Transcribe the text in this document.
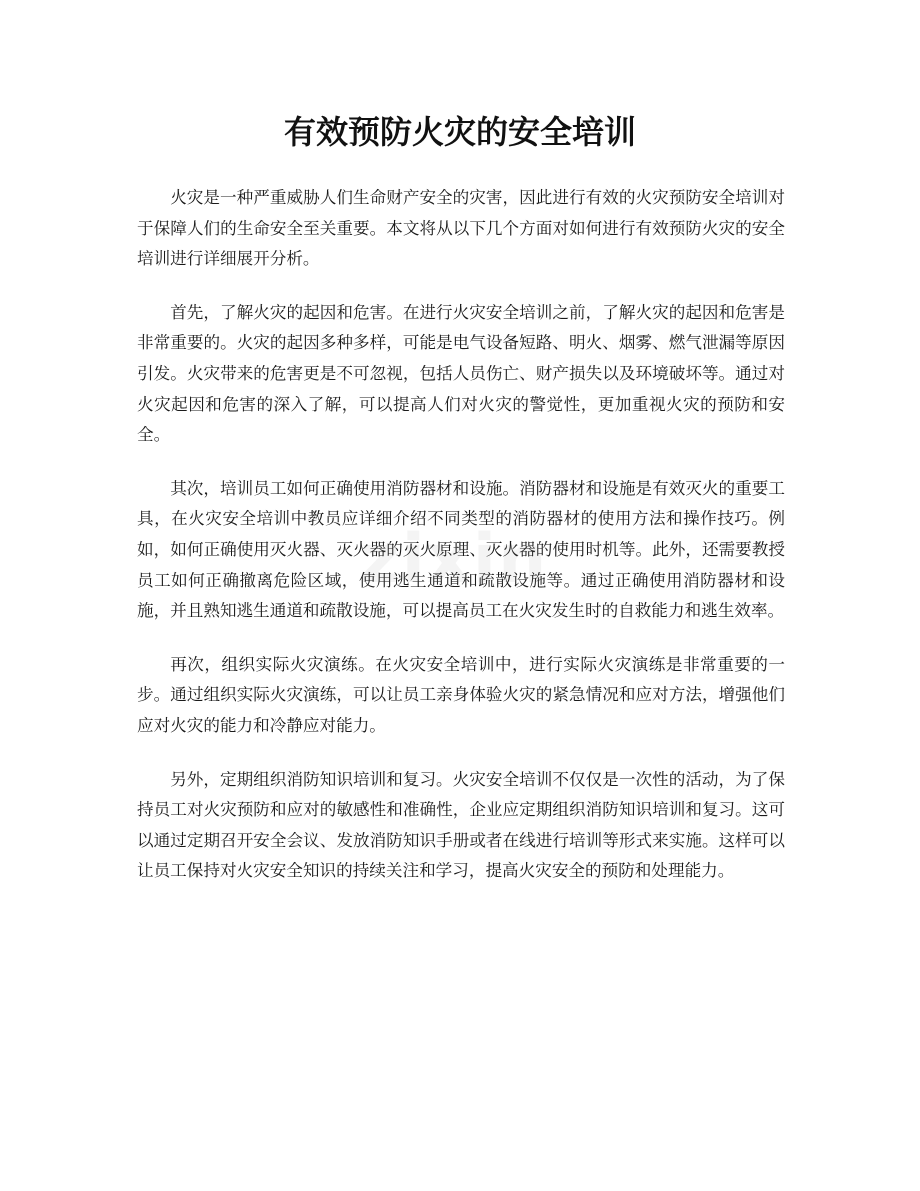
有效预防火灾的安全培训

火灾是一种严重威胁人们生命财产安全的灾害，因此进行有效的火灾预防安全培训对于保障人们的生命安全至关重要。本文将从以下几个方面对如何进行有效预防火灾的安全培训进行详细展开分析。

首先，了解火灾的起因和危害。在进行火灾安全培训之前，了解火灾的起因和危害是非常重要的。火灾的起因多种多样，可能是电气设备短路、明火、烟雾、燃气泄漏等原因引发。火灾带来的危害更是不可忽视，包括人员伤亡、财产损失以及环境破坏等。通过对火灾起因和危害的深入了解，可以提高人们对火灾的警觉性，更加重视火灾的预防和安全。

其次，培训员工如何正确使用消防器材和设施。消防器材和设施是有效灭火的重要工具，在火灾安全培训中教员应详细介绍不同类型的消防器材的使用方法和操作技巧。例如，如何正确使用灭火器、灭火器的灭火原理、灭火器的使用时机等。此外，还需要教授员工如何正确撤离危险区域，使用逃生通道和疏散设施等。通过正确使用消防器材和设施，并且熟知逃生通道和疏散设施，可以提高员工在火灾发生时的自救能力和逃生效率。

再次，组织实际火灾演练。在火灾安全培训中，进行实际火灾演练是非常重要的一步。通过组织实际火灾演练，可以让员工亲身体验火灾的紧急情况和应对方法，增强他们应对火灾的能力和冷静应对能力。

另外，定期组织消防知识培训和复习。火灾安全培训不仅仅是一次性的活动，为了保持员工对火灾预防和应对的敏感性和准确性，企业应定期组织消防知识培训和复习。这可以通过定期召开安全会议、发放消防知识手册或者在线进行培训等形式来实施。这样可以让员工保持对火灾安全知识的持续关注和学习，提高火灾安全的预防和处理能力。

zixin
